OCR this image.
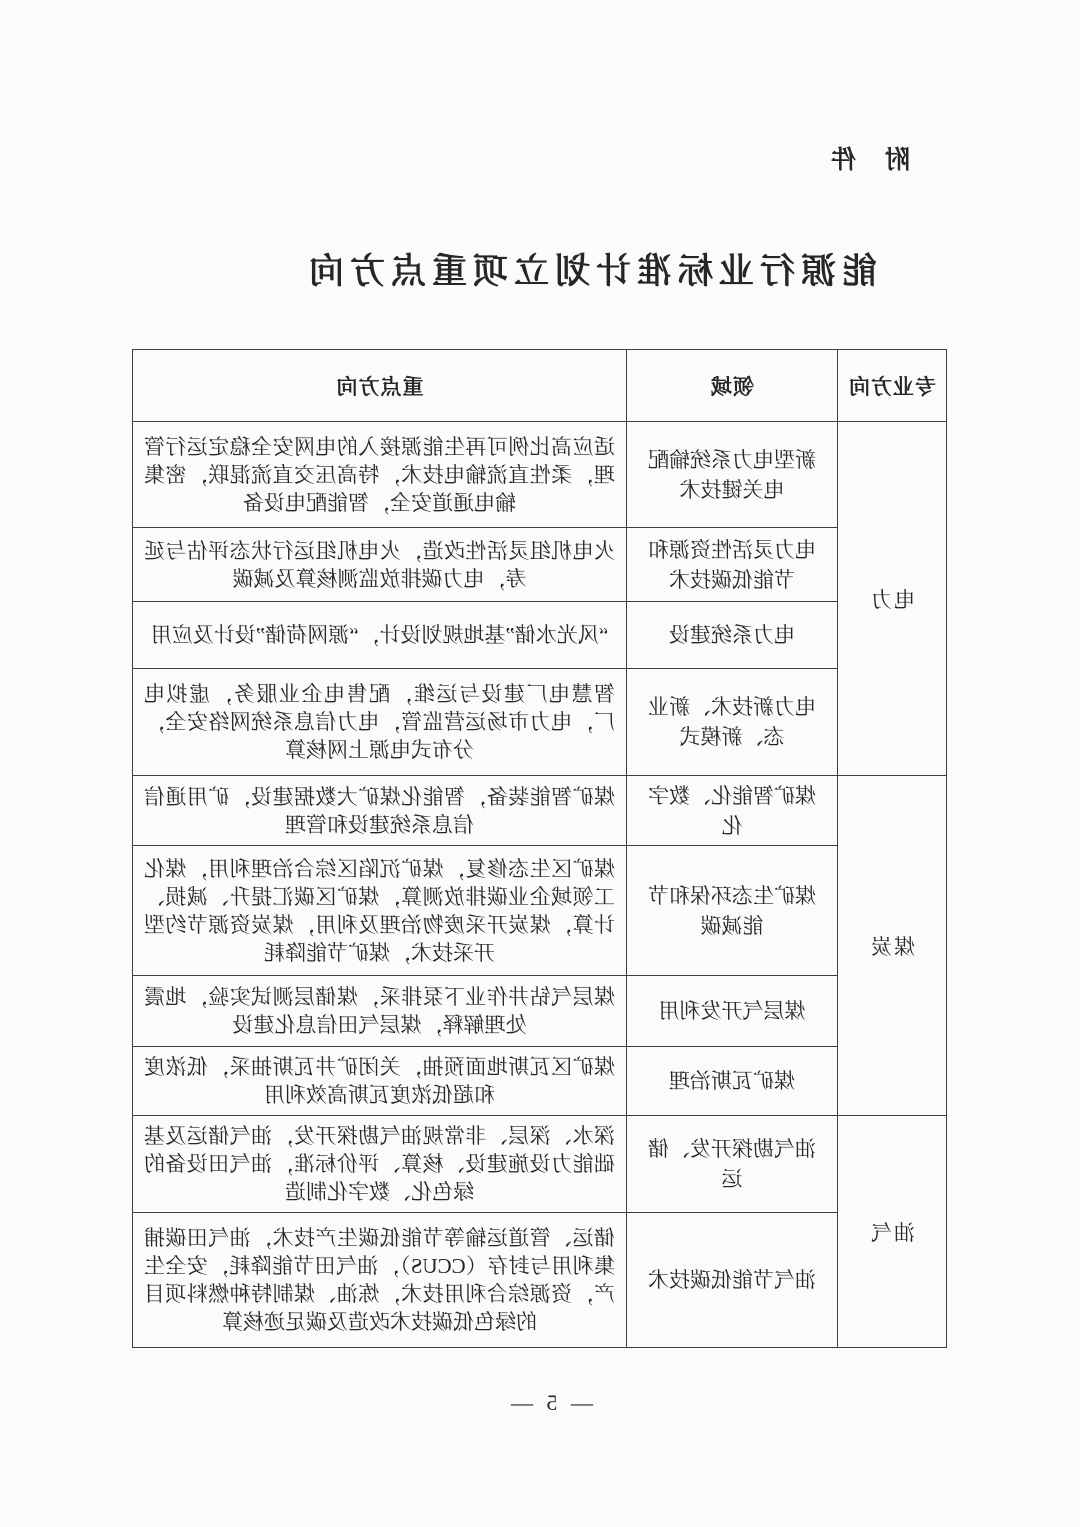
附　件
能源行业标准计划立项重点方向
专业方向	领域	重点方向
电力	新型电力系统输配电关键技术	适应高比例可再生能源接入的电网安全稳定运行管理，柔性直流输电技术，特高压交直流混联，密集输电通道安全，智能配电设备
	电力灵活性资源和节能低碳技术	火电机组灵活性改造，火电机组运行状态评估与延寿，电力碳排放监测核算及减碳
	电力系统建设	“风光水储”基地规划设计，“源网荷储”设计及应用
	电力新技术、新业态、新模式	智慧电厂建设与运维，配售电企业服务，虚拟电厂，电力市场运营监管，电力信息系统网络安全，分布式电源上网核算
煤炭	煤矿智能化、数字化	煤矿智能装备，智能化煤矿大数据建设，矿用通信信息系统建设和管理
	煤矿生态环保和节能减碳	煤矿区生态修复，煤矿沉陷区综合治理利用，煤化工领域企业碳排放测算，煤矿区碳汇提升、减损、计算，煤炭开采废物治理及利用，煤炭资源节约型开采技术，煤矿节能降耗
	煤层气开发利用	煤层气钻井作业下泵排采，煤储层测试实验，地震处理解释，煤层气田信息化建设
	煤矿瓦斯治理	煤矿区瓦斯地面预抽，关闭矿井瓦斯抽采，低浓度和超低浓度瓦斯高效利用
油气	油气勘探开发、储运	深水、深层、非常规油气勘探开发，油气储运及基础能力设施建设、核算、评价标准，油气田设备的绿色化、数字化制造
	油气节能低碳技术	储运、管道运输等节能低碳生产技术，油气田碳捕集利用与封存（CCUS），油气田节能降耗，安全生产，资源综合利用技术，炼油、煤制特种燃料项目的绿色低碳技术改造及碳足迹核算
— 5 —
